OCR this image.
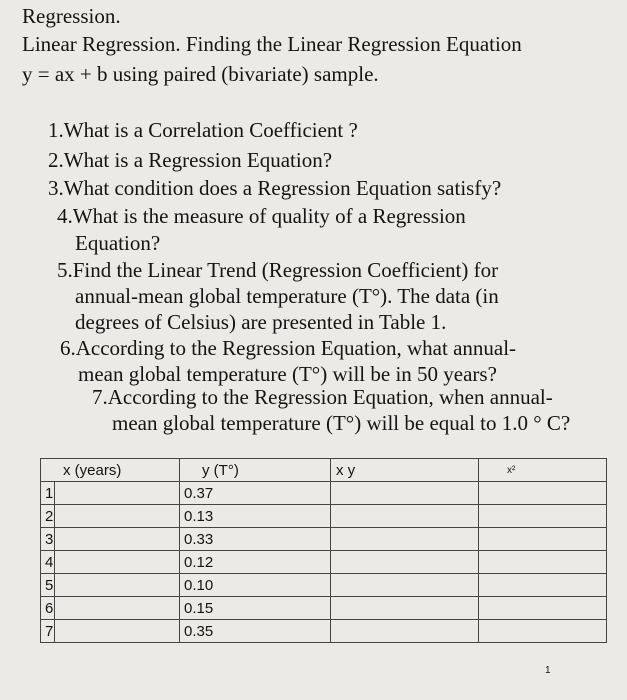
Regression.
Linear Regression. Finding the Linear Regression Equation
y = ax + b using paired (bivariate) sample.
1.What is a Correlation Coefficient ?
2.What is a Regression Equation?
3.What condition does a Regression Equation satisfy?
4.What is the measure of quality of a Regression
Equation?
5.Find the Linear Trend (Regression Coefficient) for
annual-mean global temperature (T°). The data (in
degrees of Celsius) are presented in Table 1.
6.According to the Regression Equation, what annual-
mean global temperature (T°) will be in 50 years?
7.According to the Regression Equation, when annual-
mean global temperature (T°) will be equal to 1.0 ° C?
x (years)		y (T°)	x y	x²
1		0.37		
2		0.13		
3		0.33		
4		0.12		
5		0.10		
6		0.15		
7		0.35		
1
